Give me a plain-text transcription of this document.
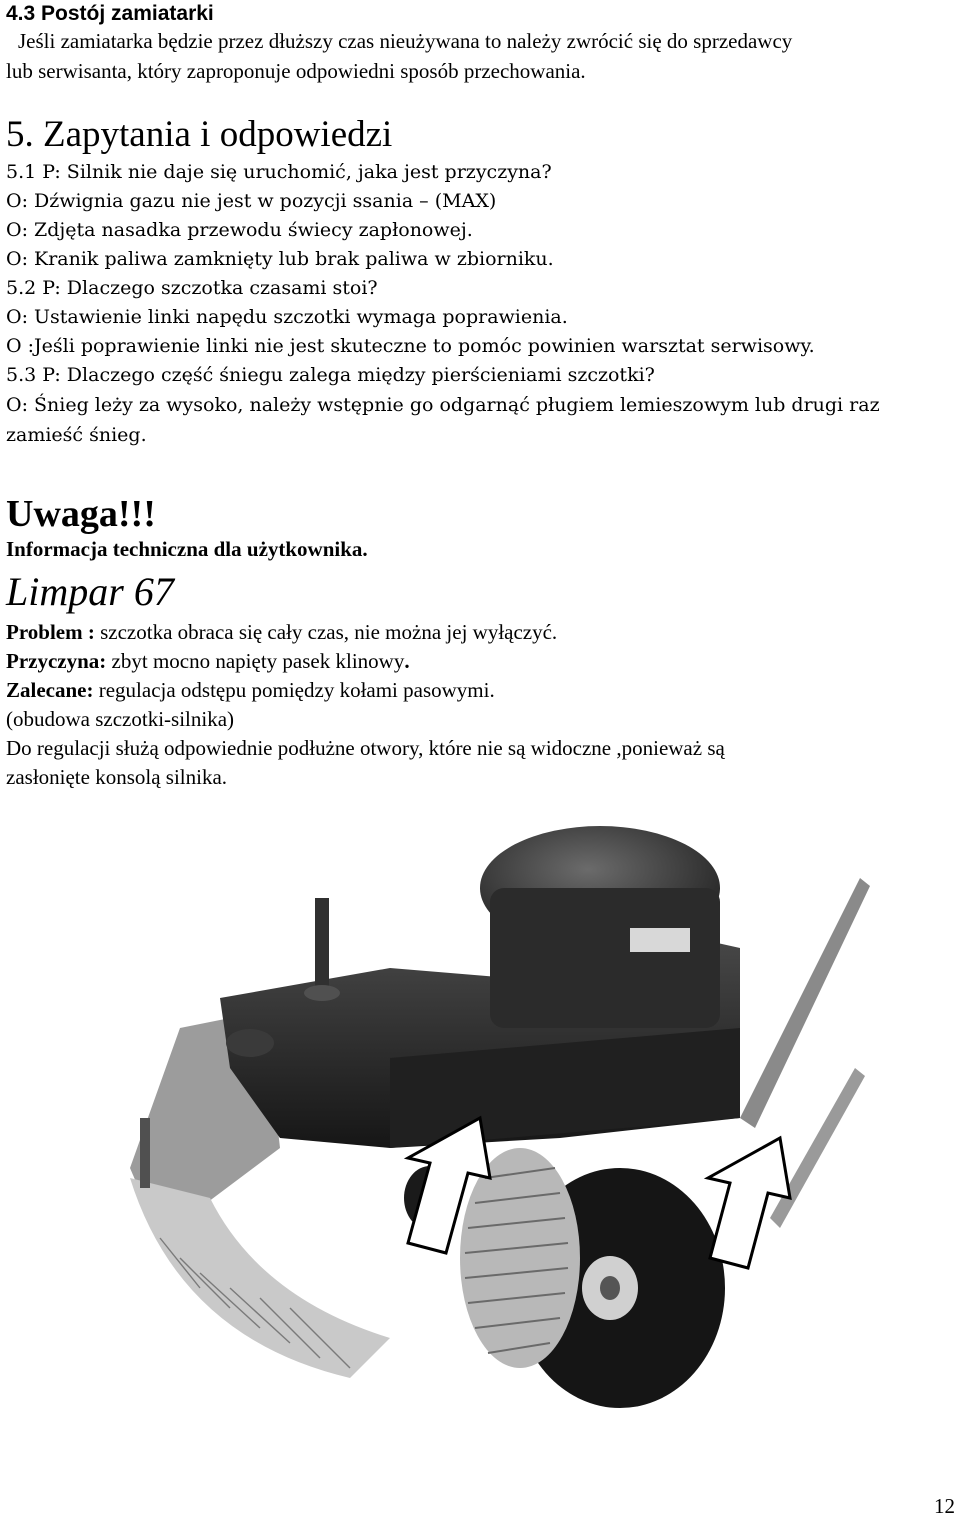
4.3 Postój zamiatarki
Jeśli zamiatarka będzie przez dłuższy czas nieużywana to należy zwrócić się do sprzedawcy
lub serwisanta, który zaproponuje odpowiedni sposób przechowania.
5. Zapytania i odpowiedzi
5.1 P: Silnik nie daje się uruchomić, jaka jest przyczyna?
O: Dźwignia gazu nie jest w pozycji ssania – (MAX)
O: Zdjęta nasadka przewodu świecy zapłonowej.
O: Kranik paliwa zamknięty lub brak paliwa w zbiorniku.
5.2 P: Dlaczego szczotka czasami stoi?
O: Ustawienie linki napędu szczotki wymaga poprawienia.
O :Jeśli poprawienie linki nie jest skuteczne to pomóc powinien warsztat serwisowy.
5.3 P: Dlaczego część śniegu zalega między pierścieniami szczotki?
O: Śnieg leży za wysoko, należy wstępnie go odgarnąć pługiem lemieszowym lub drugi raz
zamieść śnieg.
Uwaga!!!
Informacja techniczna dla użytkownika.
Limpar 67
Problem : szczotka obraca się cały czas, nie można jej wyłączyć.
Przyczyna: zbyt mocno napięty pasek klinowy.
Zalecane: regulacja odstępu pomiędzy kołami pasowymi.
(obudowa szczotki-silnika)
Do regulacji służą odpowiednie podłużne otwory, które nie są widoczne ,ponieważ są
zasłonięte konsolą silnika.
12
